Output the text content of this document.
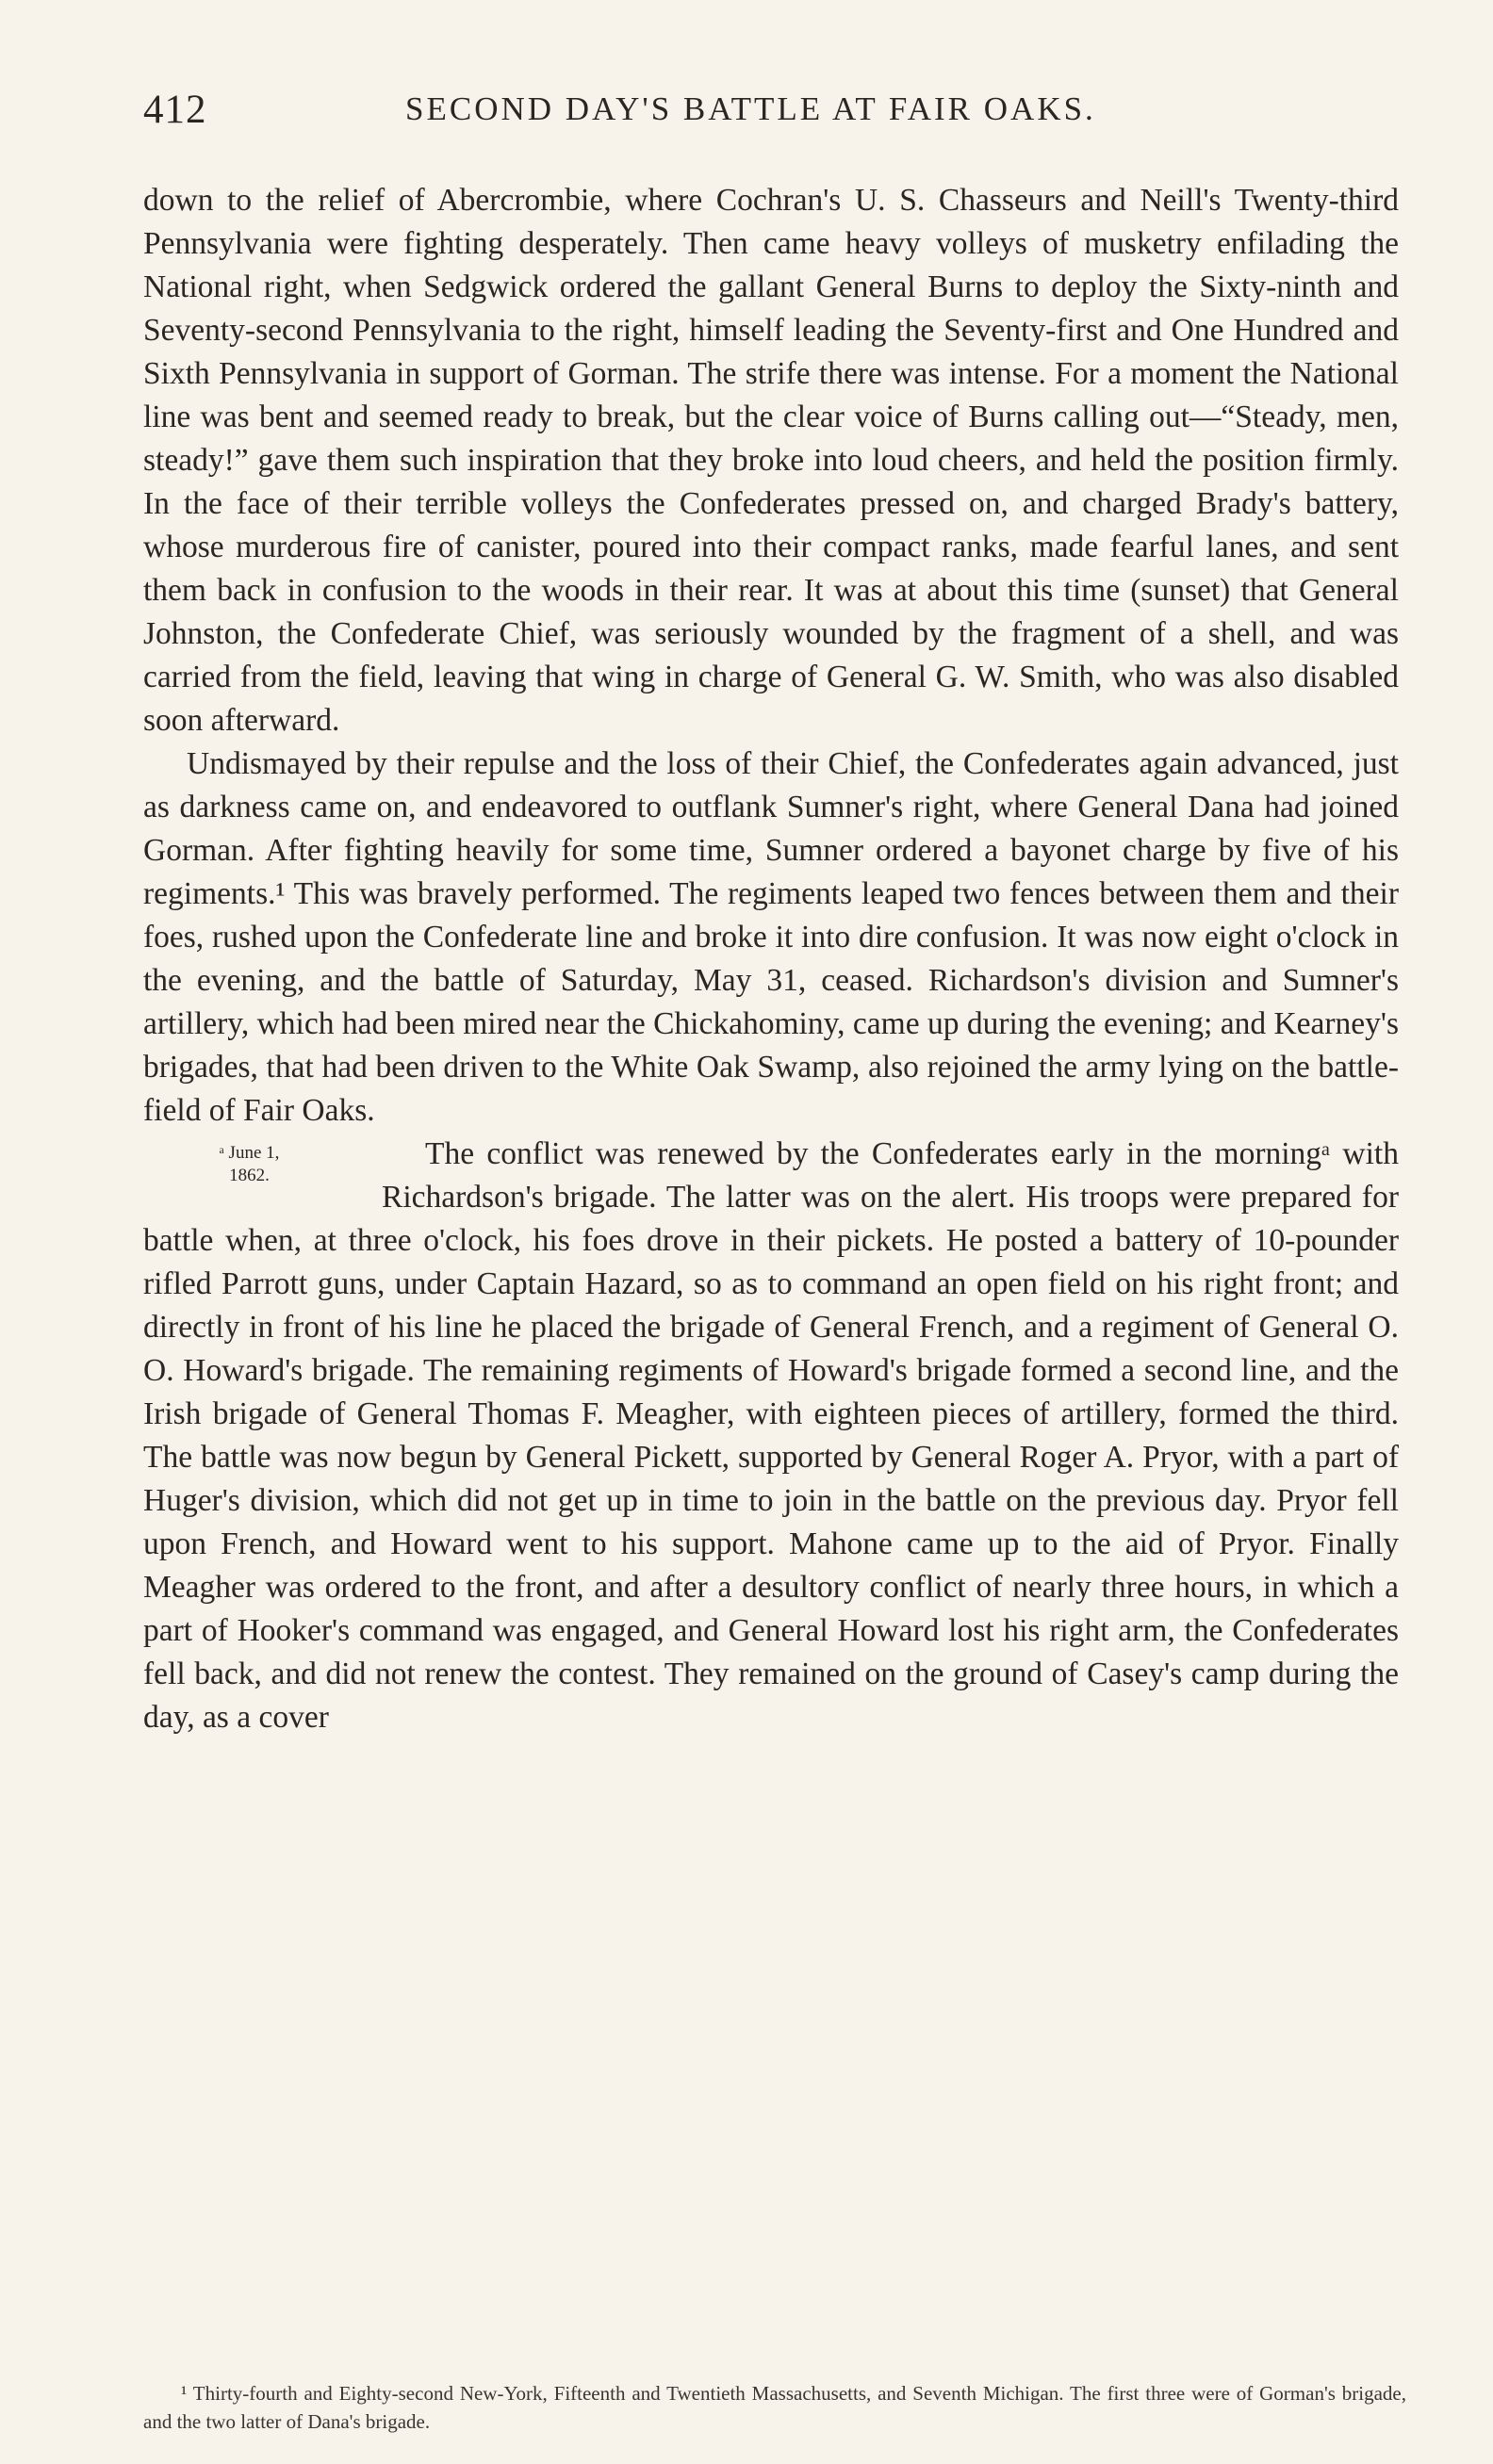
412	SECOND DAY'S BATTLE AT FAIR OAKS.

down to the relief of Abercrombie, where Cochran's U. S. Chasseurs and Neill's Twenty-third Pennsylvania were fighting desperately. Then came heavy volleys of musketry enfilading the National right, when Sedgwick ordered the gallant General Burns to deploy the Sixty-ninth and Seventy-second Pennsylvania to the right, himself leading the Seventy-first and One Hundred and Sixth Pennsylvania in support of Gorman. The strife there was intense. For a moment the National line was bent and seemed ready to break, but the clear voice of Burns calling out—“Steady, men, steady!” gave them such inspiration that they broke into loud cheers, and held the position firmly. In the face of their terrible volleys the Confederates pressed on, and charged Brady's battery, whose murderous fire of canister, poured into their compact ranks, made fearful lanes, and sent them back in confusion to the woods in their rear. It was at about this time (sunset) that General Johnston, the Confederate Chief, was seriously wounded by the fragment of a shell, and was carried from the field, leaving that wing in charge of General G. W. Smith, who was also disabled soon afterward.

Undismayed by their repulse and the loss of their Chief, the Confederates again advanced, just as darkness came on, and endeavored to outflank Sumner's right, where General Dana had joined Gorman. After fighting heavily for some time, Sumner ordered a bayonet charge by five of his regiments.¹ This was bravely performed. The regiments leaped two fences between them and their foes, rushed upon the Confederate line and broke it into dire confusion. It was now eight o'clock in the evening, and the battle of Saturday, May 31, ceased. Richardson's division and Sumner's artillery, which had been mired near the Chickahominy, came up during the evening; and Kearney's brigades, that had been driven to the White Oak Swamp, also rejoined the army lying on the battle-field of Fair Oaks.

ᵃ June 1,
1862.
The conflict was renewed by the Confederates early in the morningᵃ with Richardson's brigade. The latter was on the alert. His troops were prepared for battle when, at three o'clock, his foes drove in their pickets. He posted a battery of 10-pounder rifled Parrott guns, under Captain Hazard, so as to command an open field on his right front; and directly in front of his line he placed the brigade of General French, and a regiment of General O. O. Howard's brigade. The remaining regiments of Howard's brigade formed a second line, and the Irish brigade of General Thomas F. Meagher, with eighteen pieces of artillery, formed the third. The battle was now begun by General Pickett, supported by General Roger A. Pryor, with a part of Huger's division, which did not get up in time to join in the battle on the previous day. Pryor fell upon French, and Howard went to his support. Mahone came up to the aid of Pryor. Finally Meagher was ordered to the front, and after a desultory conflict of nearly three hours, in which a part of Hooker's command was engaged, and General Howard lost his right arm, the Confederates fell back, and did not renew the contest. They remained on the ground of Casey's camp during the day, as a cover

¹ Thirty-fourth and Eighty-second New-York, Fifteenth and Twentieth Massachusetts, and Seventh Michigan. The first three were of Gorman's brigade, and the two latter of Dana's brigade.
